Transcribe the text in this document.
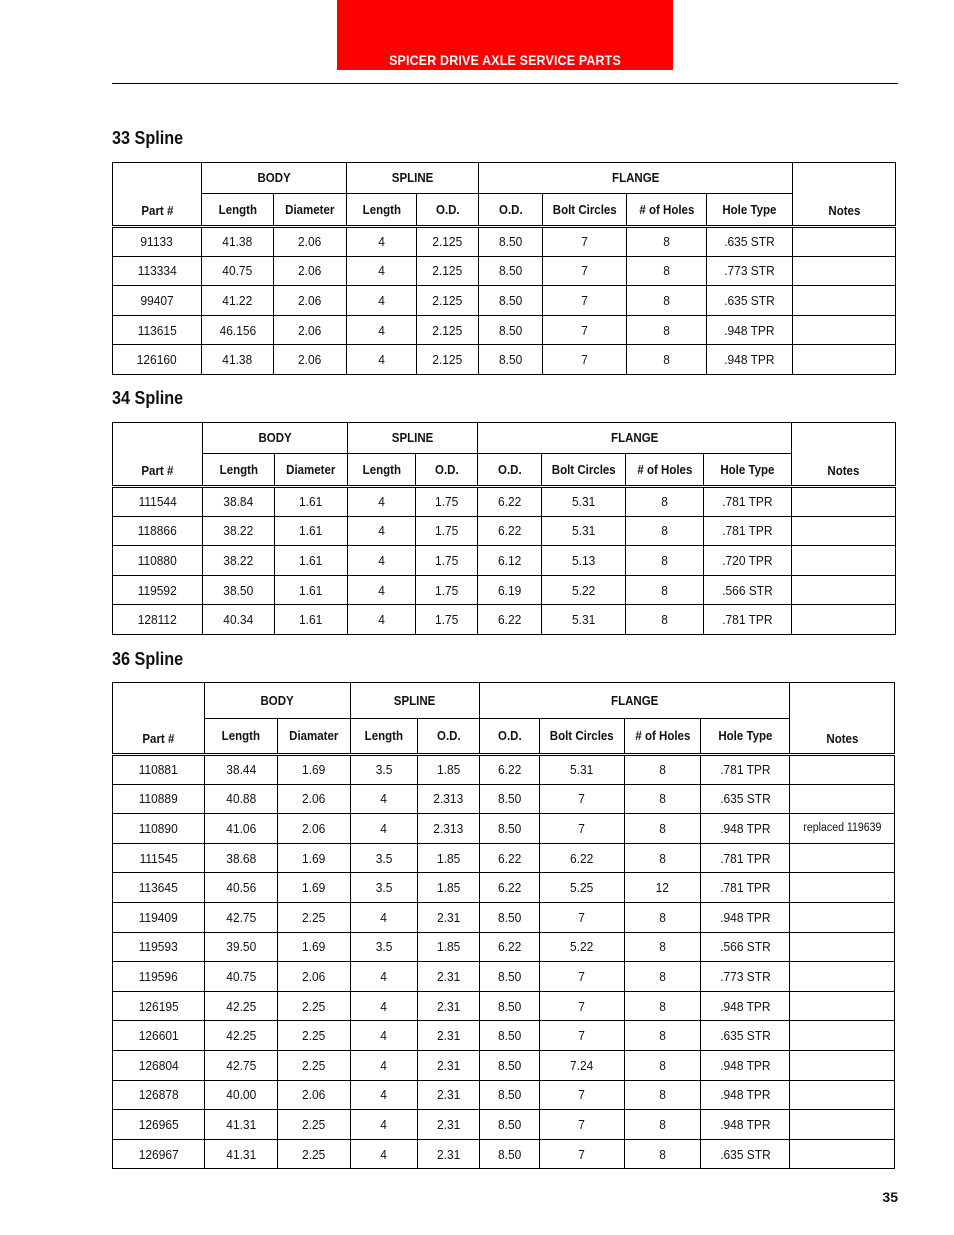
SPICER DRIVE AXLE SERVICE PARTS
33 Spline
Part #	BODY		SPLINE		FLANGE				Notes
	Length	Diameter	Length	O.D.	O.D.	Bolt Circles	# of Holes	Hole Type	
91133	41.38	2.06	4	2.125	8.50	7	8	.635 STR	
113334	40.75	2.06	4	2.125	8.50	7	8	.773 STR	
99407	41.22	2.06	4	2.125	8.50	7	8	.635 STR	
113615	46.156	2.06	4	2.125	8.50	7	8	.948 TPR	
126160	41.38	2.06	4	2.125	8.50	7	8	.948 TPR	
34 Spline
Part #	BODY		SPLINE		FLANGE				Notes
	Length	Diameter	Length	O.D.	O.D.	Bolt Circles	# of Holes	Hole Type	
111544	38.84	1.61	4	1.75	6.22	5.31	8	.781 TPR	
118866	38.22	1.61	4	1.75	6.22	5.31	8	.781 TPR	
110880	38.22	1.61	4	1.75	6.12	5.13	8	.720 TPR	
119592	38.50	1.61	4	1.75	6.19	5.22	8	.566 STR	
128112	40.34	1.61	4	1.75	6.22	5.31	8	.781 TPR	
36 Spline
Part #	BODY		SPLINE		FLANGE				Notes
	Length	Diamater	Length	O.D.	O.D.	Bolt Circles	# of Holes	Hole Type	
110881	38.44	1.69	3.5	1.85	6.22	5.31	8	.781 TPR	
110889	40.88	2.06	4	2.313	8.50	7	8	.635 STR	
110890	41.06	2.06	4	2.313	8.50	7	8	.948 TPR	replaced 119639
111545	38.68	1.69	3.5	1.85	6.22	6.22	8	.781 TPR	
113645	40.56	1.69	3.5	1.85	6.22	5.25	12	.781 TPR	
119409	42.75	2.25	4	2.31	8.50	7	8	.948 TPR	
119593	39.50	1.69	3.5	1.85	6.22	5.22	8	.566 STR	
119596	40.75	2.06	4	2.31	8.50	7	8	.773 STR	
126195	42.25	2.25	4	2.31	8.50	7	8	.948 TPR	
126601	42.25	2.25	4	2.31	8.50	7	8	.635 STR	
126804	42.75	2.25	4	2.31	8.50	7.24	8	.948 TPR	
126878	40.00	2.06	4	2.31	8.50	7	8	.948 TPR	
126965	41.31	2.25	4	2.31	8.50	7	8	.948 TPR	
126967	41.31	2.25	4	2.31	8.50	7	8	.635 STR	
35
